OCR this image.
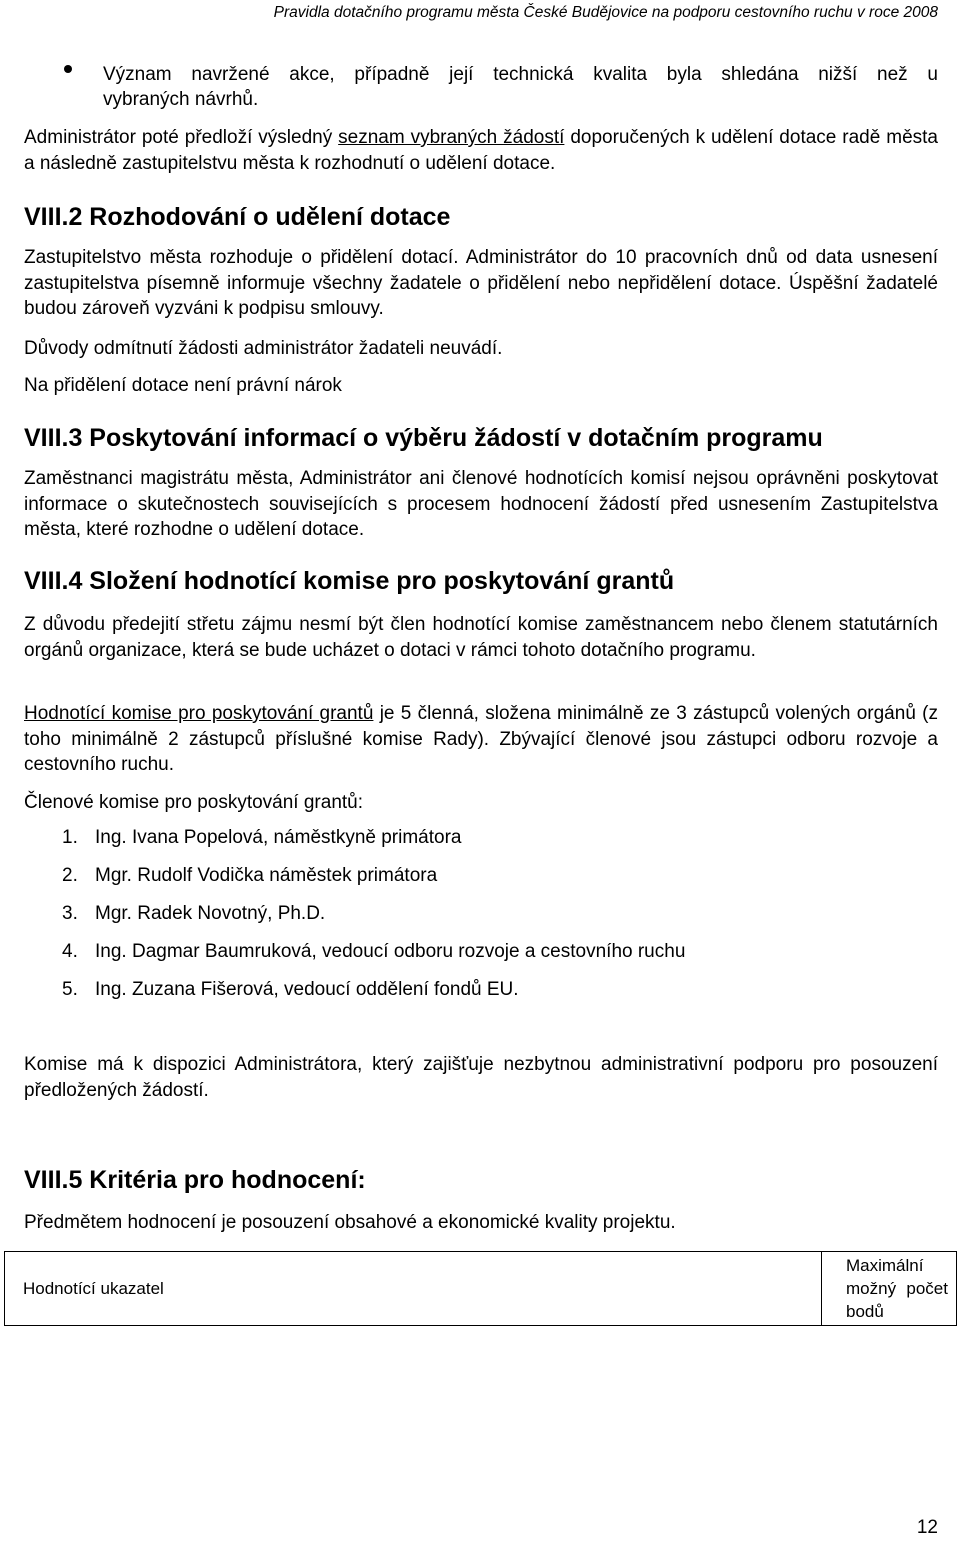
Pravidla dotačního programu města České Budějovice na podporu cestovního ruchu v roce 2008
Význam navržené akce, případně její technická kvalita byla shledána nižší než u
vybraných návrhů.
Administrátor poté předloží výsledný seznam vybraných žádostí doporučených k udělení dotace radě města a následně zastupitelstvu města k rozhodnutí o udělení dotace.
VIII.2 Rozhodování o udělení dotace
Zastupitelstvo města rozhoduje o přidělení dotací. Administrátor do 10 pracovních dnů od data usnesení zastupitelstva písemně informuje všechny žadatele o přidělení nebo nepřidělení dotace. Úspěšní žadatelé budou zároveň vyzváni k podpisu smlouvy.
Důvody odmítnutí žádosti administrátor žadateli neuvádí.
Na přidělení dotace není právní nárok
VIII.3 Poskytování informací o výběru žádostí v dotačním programu
Zaměstnanci magistrátu města, Administrátor ani členové hodnotících komisí nejsou oprávněni poskytovat informace o skutečnostech souvisejících s procesem hodnocení žádostí před usnesením Zastupitelstva města, které rozhodne o udělení dotace.
VIII.4 Složení hodnotící komise pro poskytování grantů
Z důvodu předejití střetu zájmu nesmí být člen hodnotící komise zaměstnancem nebo členem statutárních orgánů organizace, která se bude ucházet o dotaci v rámci tohoto dotačního programu.
Hodnotící komise pro poskytování grantů je 5 členná, složena minimálně ze 3 zástupců volených orgánů (z toho minimálně 2 zástupců příslušné komise Rady). Zbývající členové jsou zástupci odboru rozvoje a cestovního ruchu.
Členové komise pro poskytování grantů:
1. Ing. Ivana Popelová, náměstkyně primátora
2. Mgr. Rudolf Vodička náměstek primátora
3. Mgr. Radek Novotný, Ph.D.
4. Ing. Dagmar Baumruková, vedoucí odboru rozvoje a cestovního ruchu
5. Ing. Zuzana Fišerová, vedoucí oddělení fondů EU.
Komise má k dispozici Administrátora, který zajišťuje nezbytnou administrativní podporu pro posouzení předložených žádostí.
VIII.5 Kritéria pro hodnocení:
Předmětem hodnocení je posouzení obsahové a ekonomické kvality projektu.
Hodnotící ukazatel	Maximální možný počet bodů
12
